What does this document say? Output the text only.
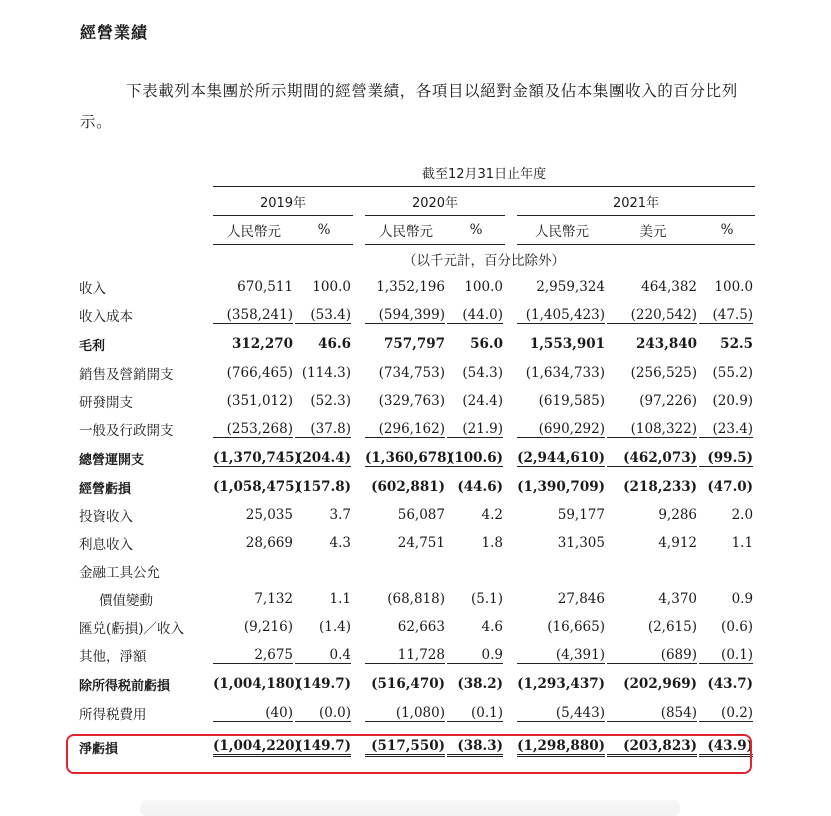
經營業績
下表載列本集團於所示期間的經營業績，各項目以絕對金額及佔本集團收入的百分比列示。
	截至12月31日止年度								
	2019年			2020年			2021年		
	人民幣元	%		人民幣元	%		人民幣元	美元	%
	（以千元計，百分比除外）								
收入	670,511	100.0		1,352,196	100.0		2,959,324	464,382	100.0
收入成本	(358,241)	(53.4)		(594,399)	(44.0)		(1,405,423)	(220,542)	(47.5)
毛利	312,270	46.6		757,797	56.0		1,553,901	243,840	52.5
銷售及營銷開支	(766,465)	(114.3)		(734,753)	(54.3)		(1,634,733)	(256,525)	(55.2)
研發開支	(351,012)	(52.3)		(329,763)	(24.4)		(619,585)	(97,226)	(20.9)
一般及行政開支	(253,268)	(37.8)		(296,162)	(21.9)		(690,292)	(108,322)	(23.4)
總營運開支	(1,370,745)	(204.4)		(1,360,678)	(100.6)		(2,944,610)	(462,073)	(99.5)
經營虧損	(1,058,475)	(157.8)		(602,881)	(44.6)		(1,390,709)	(218,233)	(47.0)
投資收入	25,035	3.7		56,087	4.2		59,177	9,286	2.0
利息收入	28,669	4.3		24,751	1.8		31,305	4,912	1.1
金融工具公允									
價值變動	7,132	1.1		(68,818)	(5.1)		27,846	4,370	0.9
匯兑(虧損)／收入	(9,216)	(1.4)		62,663	4.6		(16,665)	(2,615)	(0.6)
其他，淨額	2,675	0.4		11,728	0.9		(4,391)	(689)	(0.1)
除所得税前虧損	(1,004,180)	(149.7)		(516,470)	(38.2)		(1,293,437)	(202,969)	(43.7)
所得税費用	(40)	(0.0)		(1,080)	(0.1)		(5,443)	(854)	(0.2)
淨虧損	(1,004,220)	(149.7)		(517,550)	(38.3)		(1,298,880)	(203,823)	(43.9)
